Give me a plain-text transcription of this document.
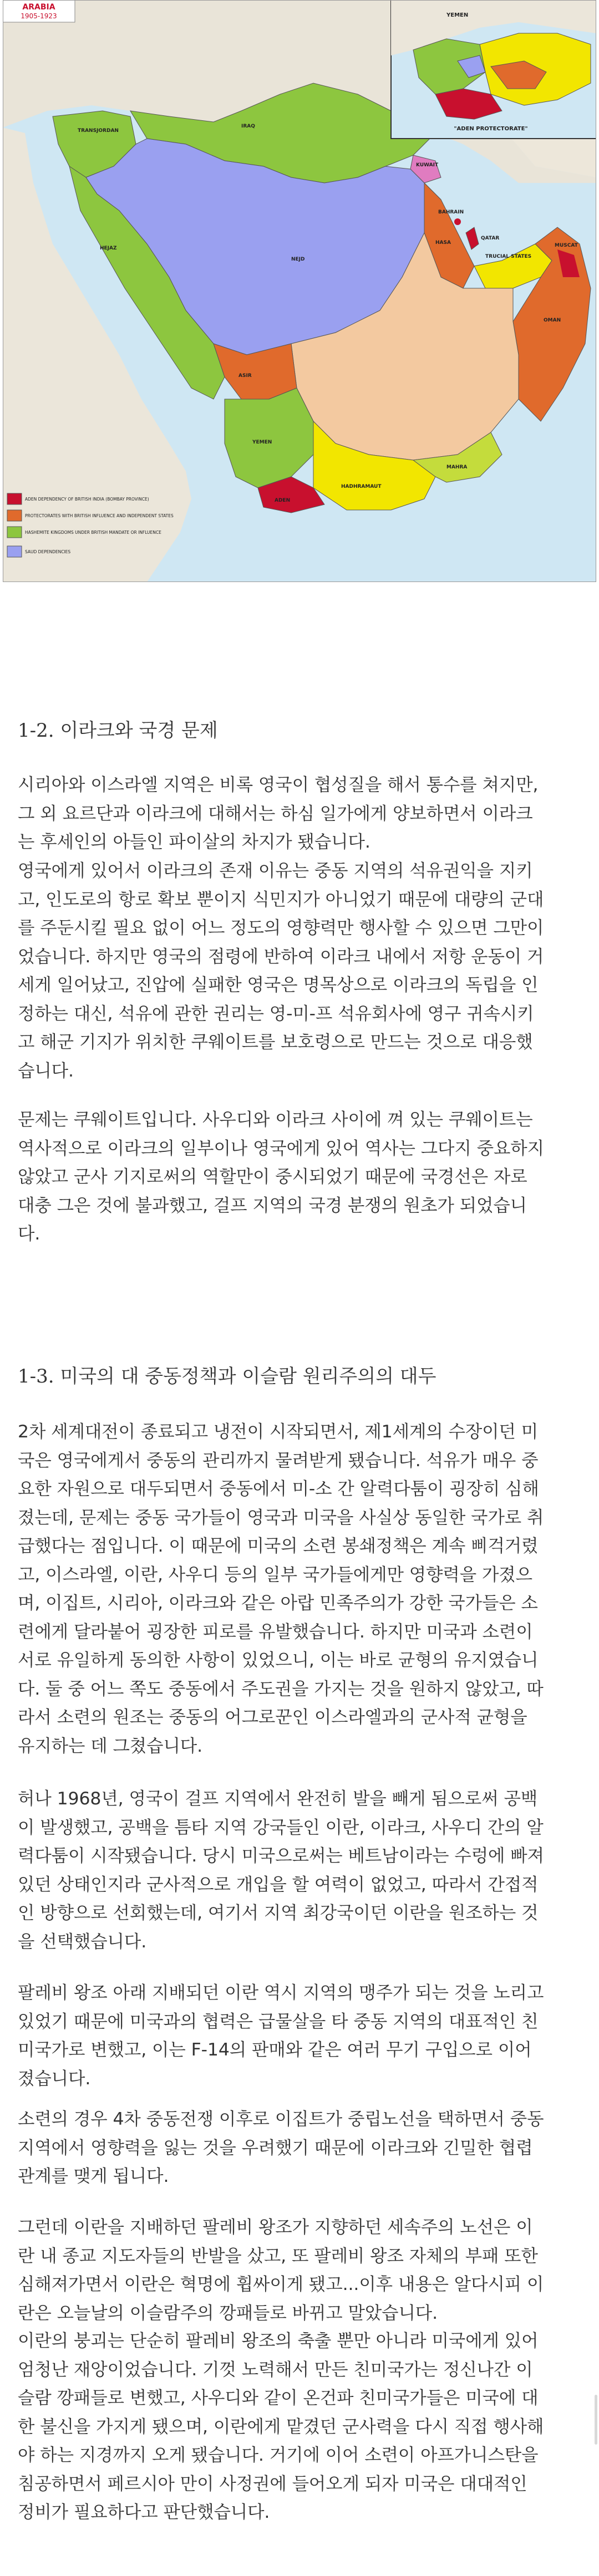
TRANSJORDAN
IRAQ
KUWAIT
NEJD
HEJAZ
HASA
QATAR
BAHRAIN
TRUCIAL STATES
OMAN
MUSCAT
ASIR
YEMEN
HADHRAMAUT
MAHRA
ADEN
ARABIA
1905-1923	YEMEN
"ADEN PROTECTORATE"
ADEN DEPENDENCY OF BRITISH INDIA (BOMBAY PROVINCE)
PROTECTORATES WITH BRITISH INFLUENCE AND INDEPENDENT STATES
HASHEMITE KINGDOMS UNDER BRITISH MANDATE OR INFLUENCE
SAUD DEPENDENCIES
1-2. 이라크와 국경 문제

시리아와 이스라엘 지역은 비록 영국이 협성질을 해서 통수를 쳐지만,

그 외 요르단과 이라크에 대해서는 하심 일가에게 양보하면서 이라크

는 후세인의 아들인 파이살의 차지가 됐습니다.

영국에게 있어서 이라크의 존재 이유는 중동 지역의 석유권익을 지키

고, 인도로의 항로 확보 뿐이지 식민지가 아니었기 때문에 대량의 군대

를 주둔시킬 필요 없이 어느 정도의 영향력만 행사할 수 있으면 그만이

었습니다. 하지만 영국의 점령에 반하여 이라크 내에서 저항 운동이 거

세게 일어났고, 진압에 실패한 영국은 명목상으로 이라크의 독립을 인

정하는 대신, 석유에 관한 권리는 영-미-프 석유회사에 영구 귀속시키

고 해군 기지가 위치한 쿠웨이트를 보호령으로 만드는 것으로 대응했

습니다.

문제는 쿠웨이트입니다. 사우디와 이라크 사이에 껴 있는 쿠웨이트는

역사적으로 이라크의 일부이나 영국에게 있어 역사는 그다지 중요하지

않았고 군사 기지로써의 역할만이 중시되었기 때문에 국경선은 자로

대충 그은 것에 불과했고, 걸프 지역의 국경 분쟁의 원초가 되었습니

다.

1-3. 미국의 대 중동정책과 이슬람 원리주의의 대두

2차 세계대전이 종료되고 냉전이 시작되면서, 제1세계의 수장이던 미

국은 영국에게서 중동의 관리까지 물려받게 됐습니다. 석유가 매우 중

요한 자원으로 대두되면서 중동에서 미-소 간 알력다툼이 굉장히 심해

졌는데, 문제는 중동 국가들이 영국과 미국을 사실상 동일한 국가로 취

급했다는 점입니다. 이 때문에 미국의 소련 봉쇄정책은 계속 삐걱거렸

고, 이스라엘, 이란, 사우디 등의 일부 국가들에게만 영향력을 가졌으

며, 이집트, 시리아, 이라크와 같은 아랍 민족주의가 강한 국가들은 소

련에게 달라붙어 굉장한 피로를 유발했습니다. 하지만 미국과 소련이

서로 유일하게 동의한 사항이 있었으니, 이는 바로 균형의 유지였습니

다. 둘 중 어느 쪽도 중동에서 주도권을 가지는 것을 원하지 않았고, 따

라서 소련의 원조는 중동의 어그로꾼인 이스라엘과의 군사적 균형을

유지하는 데 그쳤습니다.

허나 1968년, 영국이 걸프 지역에서 완전히 발을 빼게 됨으로써 공백

이 발생했고, 공백을 틈타 지역 강국들인 이란, 이라크, 사우디 간의 알

력다툼이 시작됐습니다. 당시 미국으로써는 베트남이라는 수렁에 빠져

있던 상태인지라 군사적으로 개입을 할 여력이 없었고, 따라서 간접적

인 방향으로 선회했는데, 여기서 지역 최강국이던 이란을 원조하는 것

을 선택했습니다.

팔레비 왕조 아래 지배되던 이란 역시 지역의 맹주가 되는 것을 노리고

있었기 때문에 미국과의 협력은 급물살을 타 중동 지역의 대표적인 친

미국가로 변했고, 이는 F-14의 판매와 같은 여러 무기 구입으로 이어

졌습니다.

소련의 경우 4차 중동전쟁 이후로 이집트가 중립노선을 택하면서 중동

지역에서 영향력을 잃는 것을 우려했기 때문에 이라크와 긴밀한 협렵

관계를 맺게 됩니다.

그런데 이란을 지배하던 팔레비 왕조가 지향하던 세속주의 노선은 이

란 내 종교 지도자들의 반발을 샀고, 또 팔레비 왕조 자체의 부패 또한

심해져가면서 이란은 혁명에 휩싸이게 됐고...이후 내용은 알다시피 이

란은 오늘날의 이슬람주의 깡패들로 바뀌고 말았습니다.

이란의 붕괴는 단순히 팔레비 왕조의 축출 뿐만 아니라 미국에게 있어

엄청난 재앙이었습니다. 기껏 노력해서 만든 친미국가는 정신나간 이

슬람 깡패들로 변했고, 사우디와 같이 온건파 친미국가들은 미국에 대

한 불신을 가지게 됐으며, 이란에게 맡겼던 군사력을 다시 직접 행사해

야 하는 지경까지 오게 됐습니다. 거기에 이어 소련이 아프가니스탄을

침공하면서 페르시아 만이 사정권에 들어오게 되자 미국은 대대적인

정비가 필요하다고 판단했습니다.
